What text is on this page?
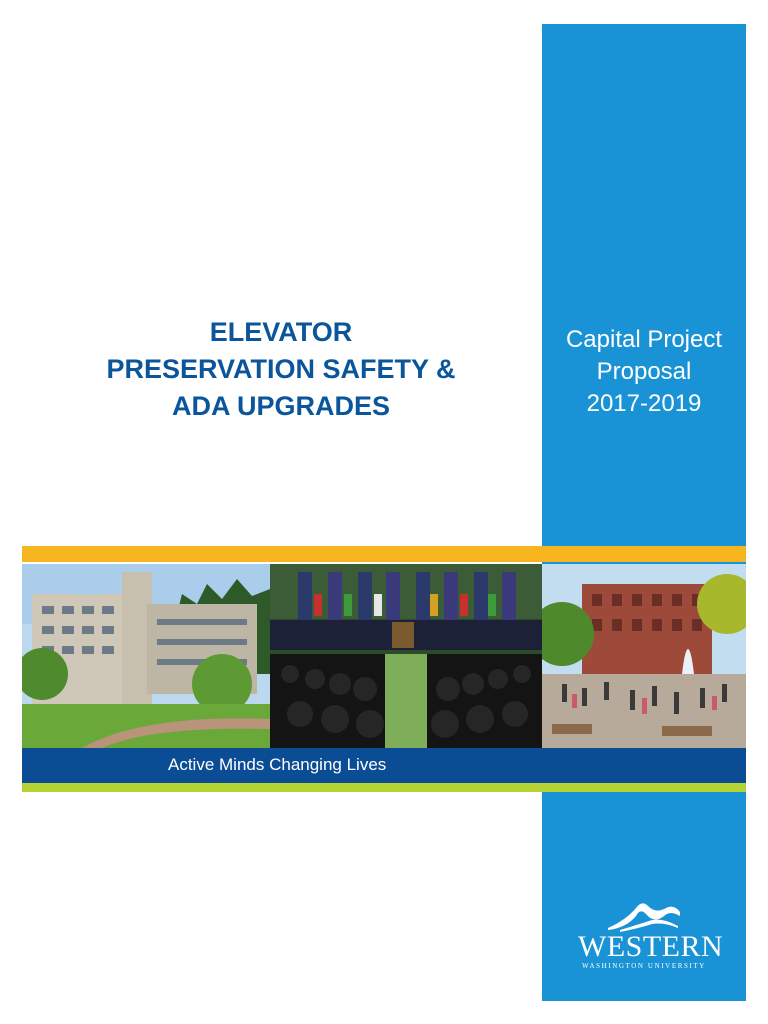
ELEVATOR
PRESERVATION SAFETY &
ADA UPGRADES
Capital Project
Proposal
2017-2019
Active Minds Changing Lives
WESTERN
WASHINGTON UNIVERSITY
